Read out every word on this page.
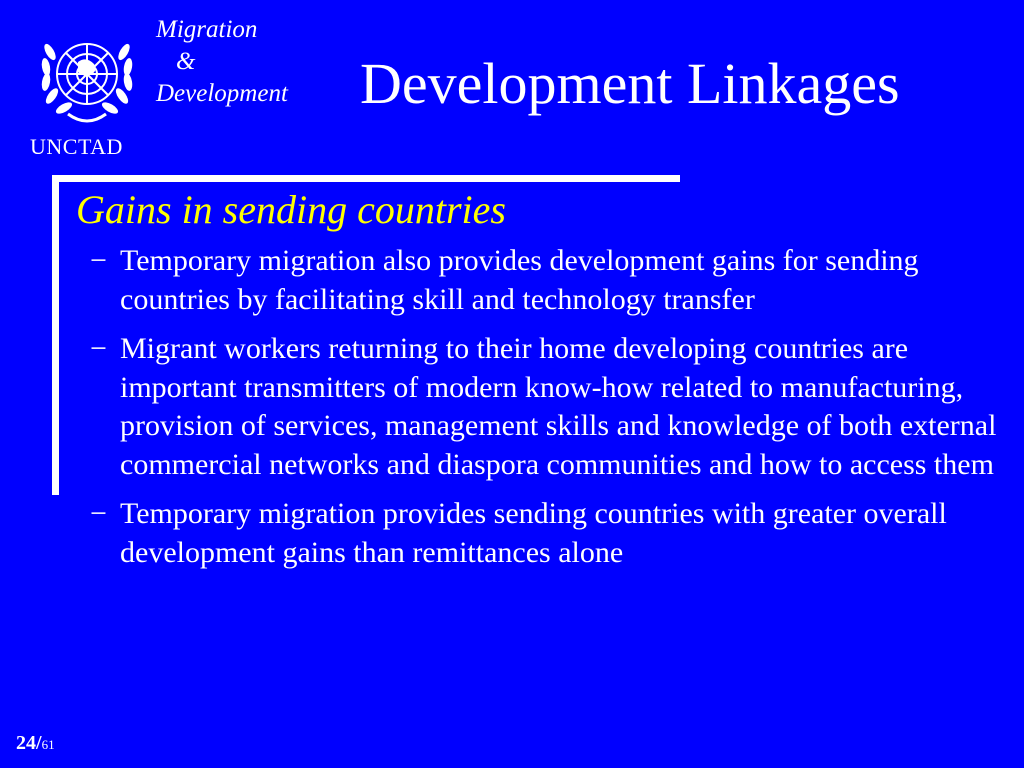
UNCTAD
Migration
&
Development Development Linkages
Gains in sending countries
− Temporary migration also provides development gains for sending countries by facilitating skill and technology transfer
− Migrant workers returning to their home developing countries are important transmitters of modern know-how related to manufacturing, provision of services, management skills and knowledge of both external commercial networks and diaspora communities and how to access them
− Temporary migration provides sending countries with greater overall development gains than remittances alone
24/61
